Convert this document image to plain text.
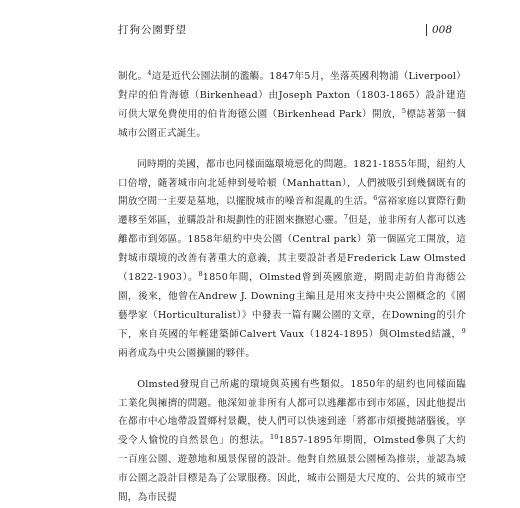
打狗公園野望	008

制化。$^4$這是近代公園法制的濫觴。1847年5月，坐落英國利物浦（Liverpool）對岸的伯肯海德（Birkenhead）由Joseph Paxton（1803-1865）設計建造可供大眾免費使用的伯肯海德公園（Birkenhead Park）開放，$^5$標誌著第一個城市公園正式誕生。

同時期的美國，都市也同樣面臨環境惡化的問題。1821-1855年間，紐約人口倍增，隨著城市向北延伸到曼哈頓（Manhattan），人們被吸引到幾個既有的開放空間一主要是墓地，以擺脫城市的噪音和混亂的生活。$^6$富裕家庭以實際行動遷移至郊區，並購設計和規劃性的莊園來撫慰心靈。$^7$但是，並非所有人都可以逃離都市到郊區。1858年紐約中央公園（Central park）第一個區完工開放，這對城市環境的改善有著重大的意義，其主要設計者是Frederick Law Olmsted（1822-1903）。$^8$1850年間，Olmsted曾到英國旅遊，期間走訪伯肯海德公園，後來，他曾在Andrew J. Downing主編且是用來支持中央公園概念的《園藝學家（Horticulturalist）》中發表一篇有關公園的文章，在Downing的引介下，來自英國的年輕建築師Calvert Vaux（1824-1895）與Olmsted結識，$^9$兩者成為中央公園擴圖的夥伴。

Olmsted發現自己所處的環境與英國有些類似。1850年的紐約也同樣面臨工業化與擁擠的問題。他深知並非所有人都可以逃離都市到市郊區，因此他提出在都市中心地帶設置鄉村景觀，使人們可以快速到達「將都市煩擾抛諸腦後，享受令人愉悅的自然景色」的想法。$^{10}$1857-1895年期間，Olmsted參與了大約一百座公園、遊憩地和風景保留的設計。他對自然風景公園極為推崇，並認為城市公園之設計目標是為了公眾服務。因此，城市公園是大尺度的、公共的城市空間，為市民提
